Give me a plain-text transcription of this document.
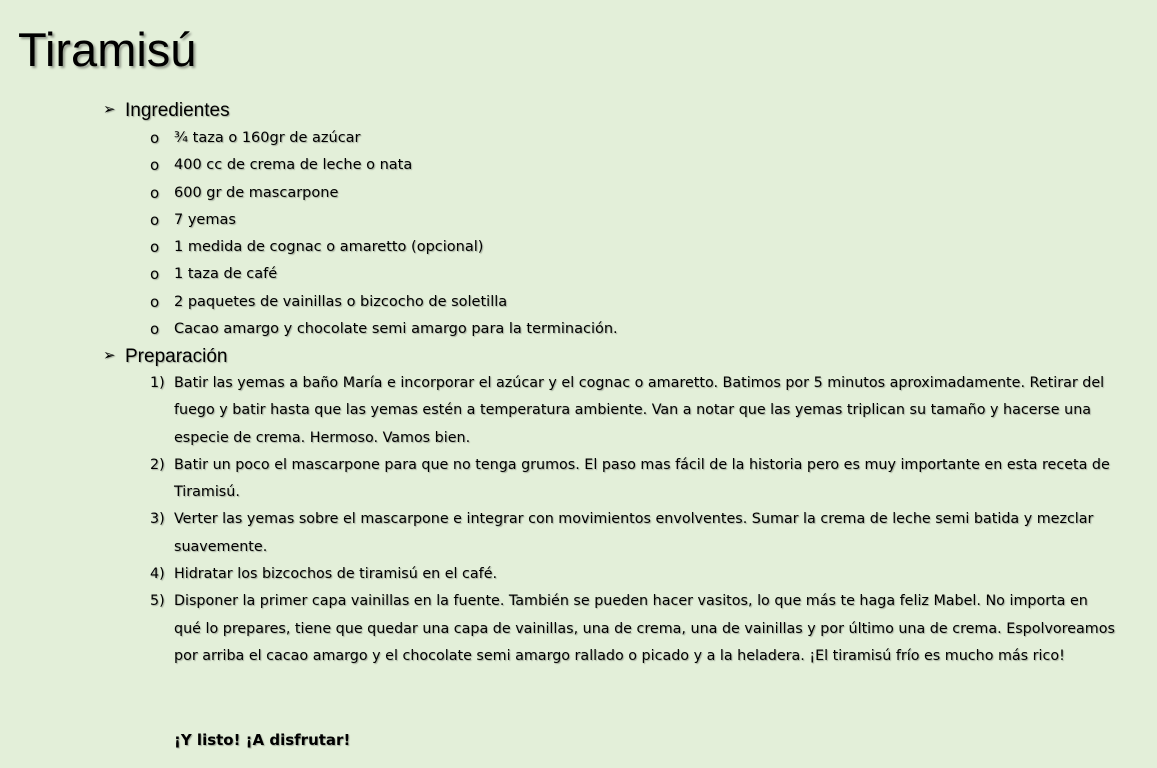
Tiramisú
➢ Ingredientes
o	¾ taza o 160gr de azúcar
o	400 cc de crema de leche o nata
o	600 gr de mascarpone
o	7 yemas
o	1 medida de cognac o amaretto (opcional)
o	1 taza de café
o	2 paquetes de vainillas o bizcocho de soletilla
o	Cacao amargo y chocolate semi amargo para la terminación.
➢ Preparación
1) Batir las yemas a baño María e incorporar el azúcar y el cognac o amaretto. Batimos por 5 minutos aproximadamente. Retirar del fuego y batir hasta que las yemas estén a temperatura ambiente. Van a notar que las yemas triplican su tamaño y hacerse una especie de crema. Hermoso. Vamos bien.
2) Batir un poco el mascarpone para que no tenga grumos. El paso mas fácil de la historia pero es muy importante en esta receta de Tiramisú.
3) Verter las yemas sobre el mascarpone e integrar con movimientos envolventes. Sumar la crema de leche semi batida y mezclar suavemente.
4) Hidratar los bizcochos de tiramisú en el café.
5) Disponer la primer capa vainillas en la fuente. También se pueden hacer vasitos, lo que más te haga feliz Mabel. No importa en qué lo prepares, tiene que quedar una capa de vainillas, una de crema, una de vainillas y por último una de crema. Espolvoreamos por arriba el cacao amargo y el chocolate semi amargo rallado o picado y a la heladera. ¡El tiramisú frío es mucho más rico!
¡Y listo! ¡A disfrutar!
